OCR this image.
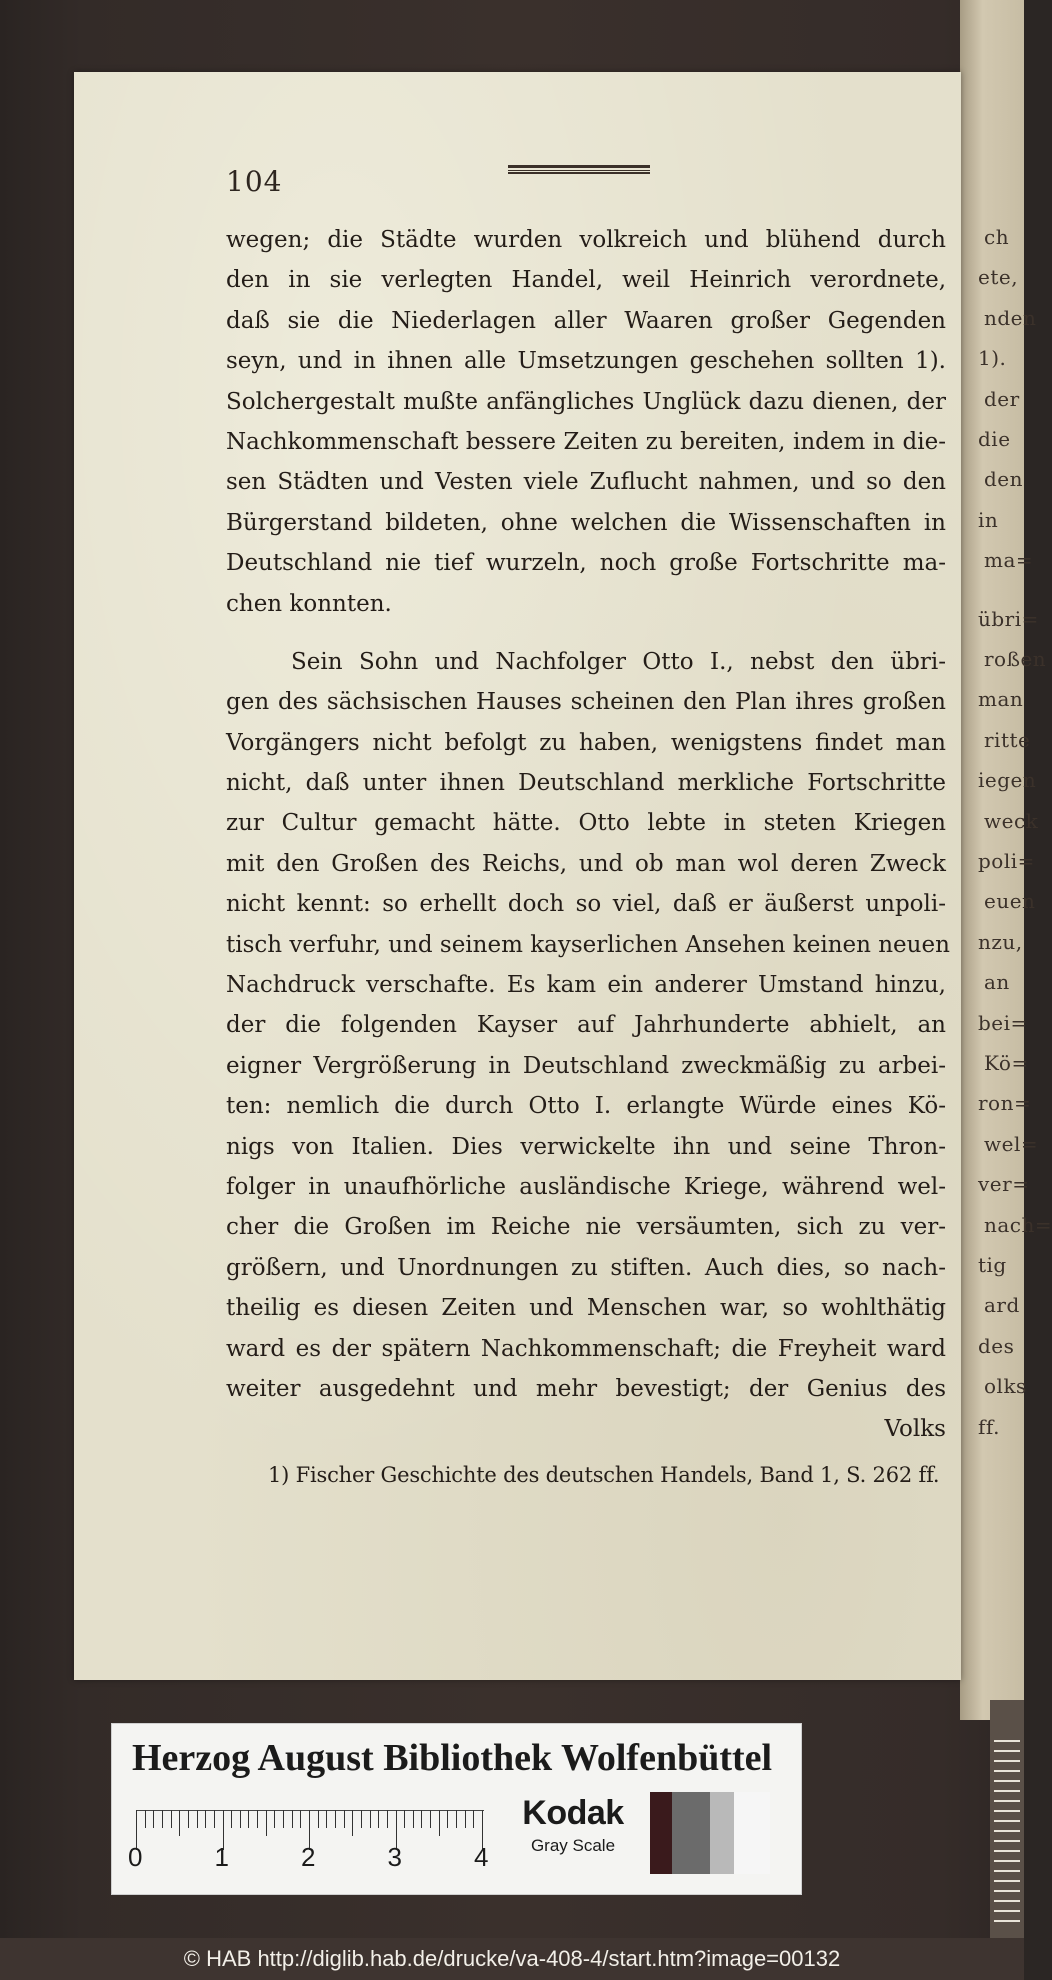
ch
ete,
nden
1).
der
die
den
in
ma=
übri=
roßen
man
ritte
iegen
weck
poli=
euen
nzu,
an
bei=
Kö=
ron=
wel=
ver=
nach=
tig
ard
des
olks
ff.
104
wegen; die Städte wurden volkreich und blühend durch
den in sie verlegten Handel, weil Heinrich verordnete,
daß sie die Niederlagen aller Waaren großer Gegenden
seyn, und in ihnen alle Umsetzungen geschehen sollten 1).
Solchergestalt mußte anfängliches Unglück dazu dienen, der
Nachkommenschaft bessere Zeiten zu bereiten, indem in die-
sen Städten und Vesten viele Zuflucht nahmen, und so den
Bürgerstand bildeten, ohne welchen die Wissenschaften in
Deutschland nie tief wurzeln, noch große Fortschritte ma-
chen konnten.
Sein Sohn und Nachfolger Otto I., nebst den übri-
gen des sächsischen Hauses scheinen den Plan ihres großen
Vorgängers nicht befolgt zu haben, wenigstens findet man
nicht, daß unter ihnen Deutschland merkliche Fortschritte
zur Cultur gemacht hätte. Otto lebte in steten Kriegen
mit den Großen des Reichs, und ob man wol deren Zweck
nicht kennt: so erhellt doch so viel, daß er äußerst unpoli-
tisch verfuhr, und seinem kayserlichen Ansehen keinen neuen
Nachdruck verschafte. Es kam ein anderer Umstand hinzu,
der die folgenden Kayser auf Jahrhunderte abhielt, an
eigner Vergrößerung in Deutschland zweckmäßig zu arbei-
ten: nemlich die durch Otto I. erlangte Würde eines Kö-
nigs von Italien. Dies verwickelte ihn und seine Thron-
folger in unaufhörliche ausländische Kriege, während wel-
cher die Großen im Reiche nie versäumten, sich zu ver-
größern, und Unordnungen zu stiften. Auch dies, so nach-
theilig es diesen Zeiten und Menschen war, so wohlthätig
ward es der spätern Nachkommenschaft; die Freyheit ward
weiter ausgedehnt und mehr bevestigt; der Genius des
Volks
1) Fischer Geschichte des deutschen Handels, Band 1, S. 262 ff.
Herzog August Bibliothek Wolfenbüttel
Kodak
Gray Scale
0	1	2	3	4
© HAB http://diglib.hab.de/drucke/va-408-4/start.htm?image=00132
